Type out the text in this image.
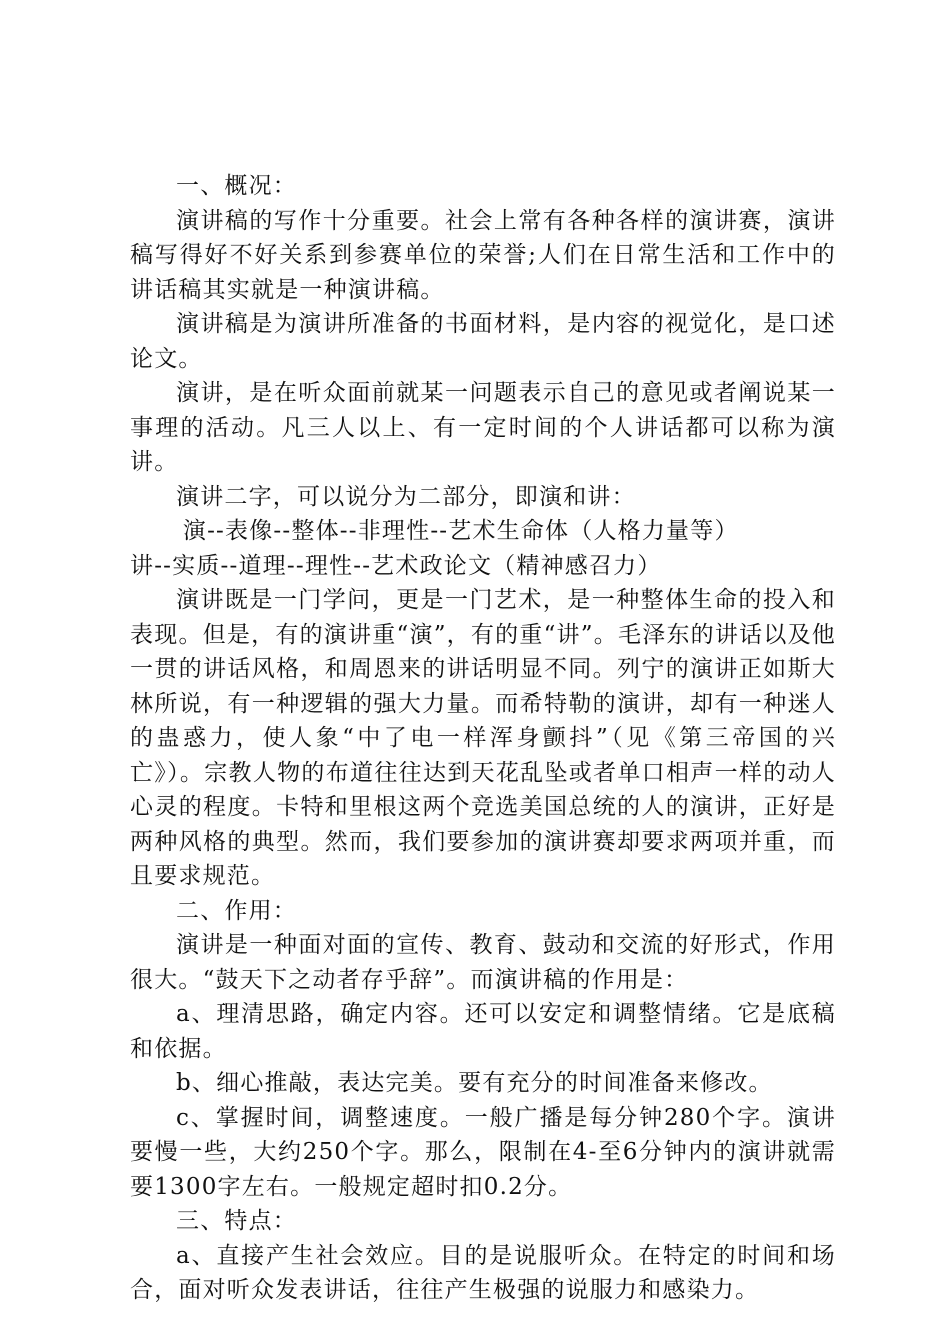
一、概况：

演讲稿的写作十分重要。社会上常有各种各样的演讲赛，演讲稿写得好不好关系到参赛单位的荣誉;人们在日常生活和工作中的讲话稿其实就是一种演讲稿。

演讲稿是为演讲所准备的书面材料，是内容的视觉化，是口述论文。

演讲，是在听众面前就某一问题表示自己的意见或者阐说某一事理的活动。凡三人以上、有一定时间的个人讲话都可以称为演讲。

演讲二字，可以说分为二部分，即演和讲：

演--表像--整体--非理性--艺术生命体（人格力量等）

讲--实质--道理--理性--艺术政论文（精神感召力）

演讲既是一门学问，更是一门艺术，是一种整体生命的投入和表现。但是，有的演讲重“演”，有的重“讲”。毛泽东的讲话以及他一贯的讲话风格，和周恩来的讲话明显不同。列宁的演讲正如斯大林所说，有一种逻辑的强大力量。而希特勒的演讲，却有一种迷人的蛊惑力，使人象“中了电一样浑身颤抖”（见《第三帝国的兴亡》）。宗教人物的布道往往达到天花乱坠或者单口相声一样的动人心灵的程度。卡特和里根这两个竞选美国总统的人的演讲，正好是两种风格的典型。然而，我们要参加的演讲赛却要求两项并重，而且要求规范。

二、作用：

演讲是一种面对面的宣传、教育、鼓动和交流的好形式，作用很大。“鼓天下之动者存乎辞”。而演讲稿的作用是：

a、理清思路，确定内容。还可以安定和调整情绪。它是底稿和依据。

b、细心推敲，表达完美。要有充分的时间准备来修改。

c、掌握时间，调整速度。一般广播是每分钟280个字。演讲要慢一些，大约250个字。那么，限制在4-至6分钟内的演讲就需要1300字左右。一般规定超时扣0.2分。

三、特点：

a、直接产生社会效应。目的是说服听众。在特定的时间和场合，面对听众发表讲话，往往产生极强的说服力和感染力。
